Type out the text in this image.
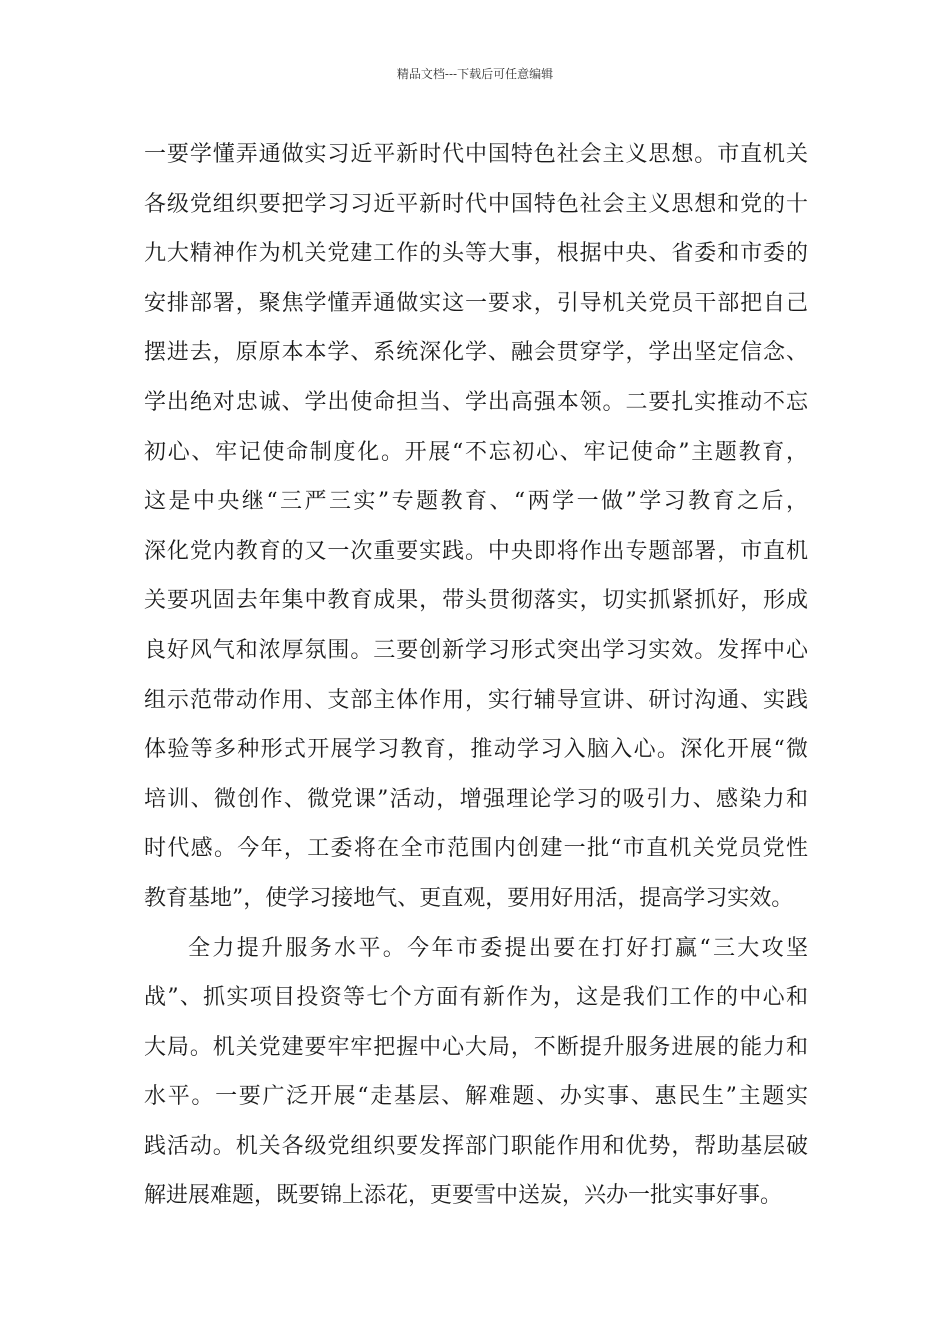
精品文档---下载后可任意编辑
一要学懂弄通做实习近平新时代中国特色社会主义思想。市直机关
各级党组织要把学习习近平新时代中国特色社会主义思想和党的十
九大精神作为机关党建工作的头等大事，根据中央、省委和市委的
安排部署，聚焦学懂弄通做实这一要求，引导机关党员干部把自己
摆进去，原原本本学、系统深化学、融会贯穿学，学出坚定信念、
学出绝对忠诚、学出使命担当、学出高强本领。二要扎实推动不忘
初心、牢记使命制度化。开展“不忘初心、牢记使命”主题教育，
这是中央继“三严三实”专题教育、“两学一做”学习教育之后，
深化党内教育的又一次重要实践。中央即将作出专题部署，市直机
关要巩固去年集中教育成果，带头贯彻落实，切实抓紧抓好，形成
良好风气和浓厚氛围。三要创新学习形式突出学习实效。发挥中心
组示范带动作用、支部主体作用，实行辅导宣讲、研讨沟通、实践
体验等多种形式开展学习教育，推动学习入脑入心。深化开展“微
培训、微创作、微党课”活动，增强理论学习的吸引力、感染力和
时代感。今年，工委将在全市范围内创建一批“市直机关党员党性
教育基地”，使学习接地气、更直观，要用好用活，提高学习实效。
全力提升服务水平。今年市委提出要在打好打赢“三大攻坚
战”、抓实项目投资等七个方面有新作为，这是我们工作的中心和
大局。机关党建要牢牢把握中心大局，不断提升服务进展的能力和
水平。一要广泛开展“走基层、解难题、办实事、惠民生”主题实
践活动。机关各级党组织要发挥部门职能作用和优势，帮助基层破
解进展难题，既要锦上添花，更要雪中送炭，兴办一批实事好事。
